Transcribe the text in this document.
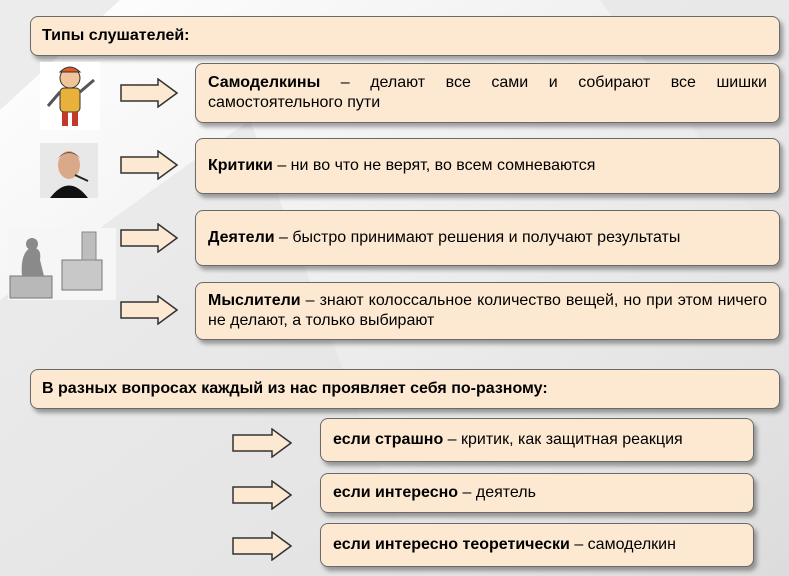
Типы слушателей:
Самоделкины – делают все сами и собирают все шишки самостоятельного пути
Критики – ни во что не верят, во всем сомневаются
Деятели – быстро принимают решения и получают результаты
Мыслители – знают колоссальное количество вещей, но при этом ничего не делают, а только выбирают
В разных вопросах каждый из нас проявляет себя по-разному:
если страшно – критик, как защитная реакция
если интересно – деятель
если интересно теоретически – самоделкин
